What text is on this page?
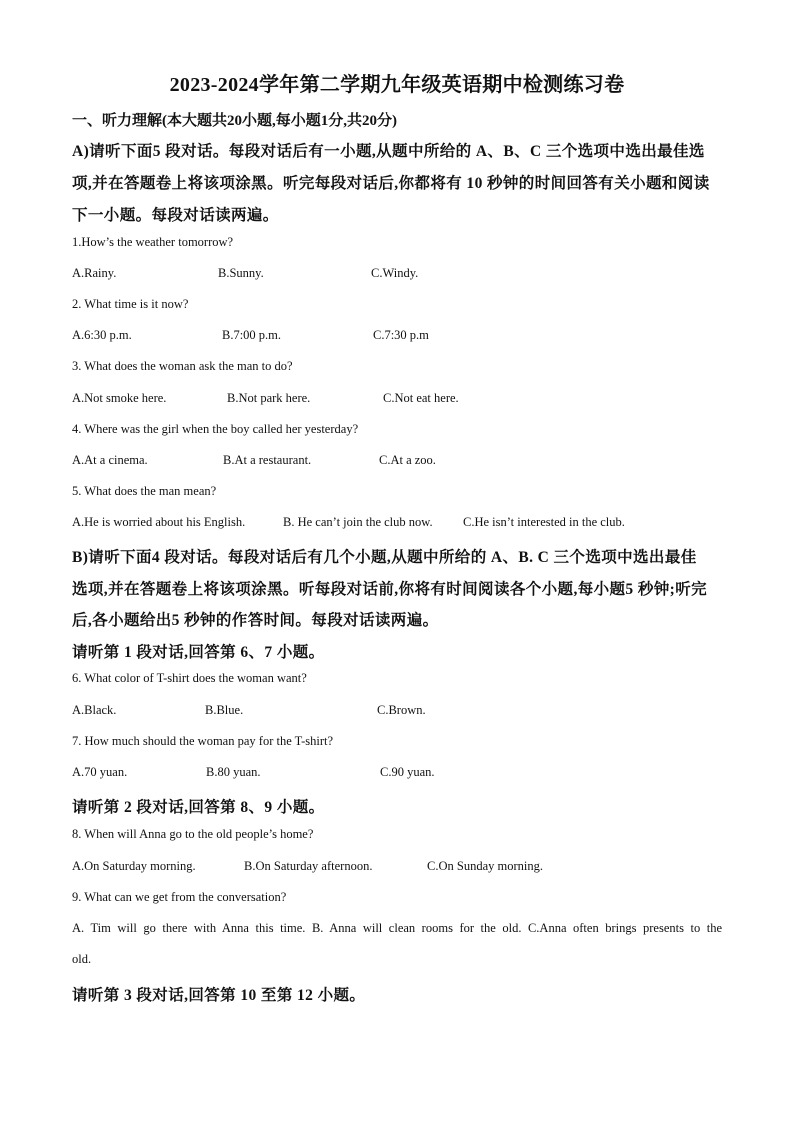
2023-2024学年第二学期九年级英语期中检测练习卷
一、听力理解(本大题共20小题,每小题1分,共20分)
A)请听下面5 段对话。每段对话后有一小题,从题中所给的 A、B、C 三个选项中选出最佳选
项,并在答题卷上将该项涂黑。听完每段对话后,你都将有 10 秒钟的时间回答有关小题和阅读
下一小题。每段对话读两遍。
1.How’s the weather tomorrow?
A.Rainy.	B.Sunny.	C.Windy.
2. What time is it now?
A.6:30 p.m.	B.7:00 p.m.	C.7:30 p.m
3. What does the woman ask the man to do?
A.Not smoke here.	B.Not park here.	C.Not eat here.
4. Where was the girl when the boy called her yesterday?
A.At a cinema.	B.At a restaurant.	C.At a zoo.
5. What does the man mean?
A.He is worried about his English.	B. He can’t join the club now. C.He isn’t interested in the club.
B)请听下面4 段对话。每段对话后有几个小题,从题中所给的 A、B. C 三个选项中选出最佳
选项,并在答题卷上将该项涂黑。听每段对话前,你将有时间阅读各个小题,每小题5 秒钟;听完
后,各小题给出5 秒钟的作答时间。每段对话读两遍。
请听第 1 段对话,回答第 6、7 小题。
6. What color of T-shirt does the woman want?
A.Black.	B.Blue.	C.Brown.
7. How much should the woman pay for the T-shirt?
A.70 yuan.	B.80 yuan.	C.90 yuan.
请听第 2 段对话,回答第 8、9 小题。
8. When will Anna go to the old people’s home?
A.On Saturday morning.	B.On Saturday afternoon.	C.On Sunday morning.
9. What can we get from the conversation?
A. Tim will go there with Anna this time. B. Anna will clean rooms for the old. C.Anna often brings presents to the
old.
请听第 3 段对话,回答第 10 至第 12 小题。
